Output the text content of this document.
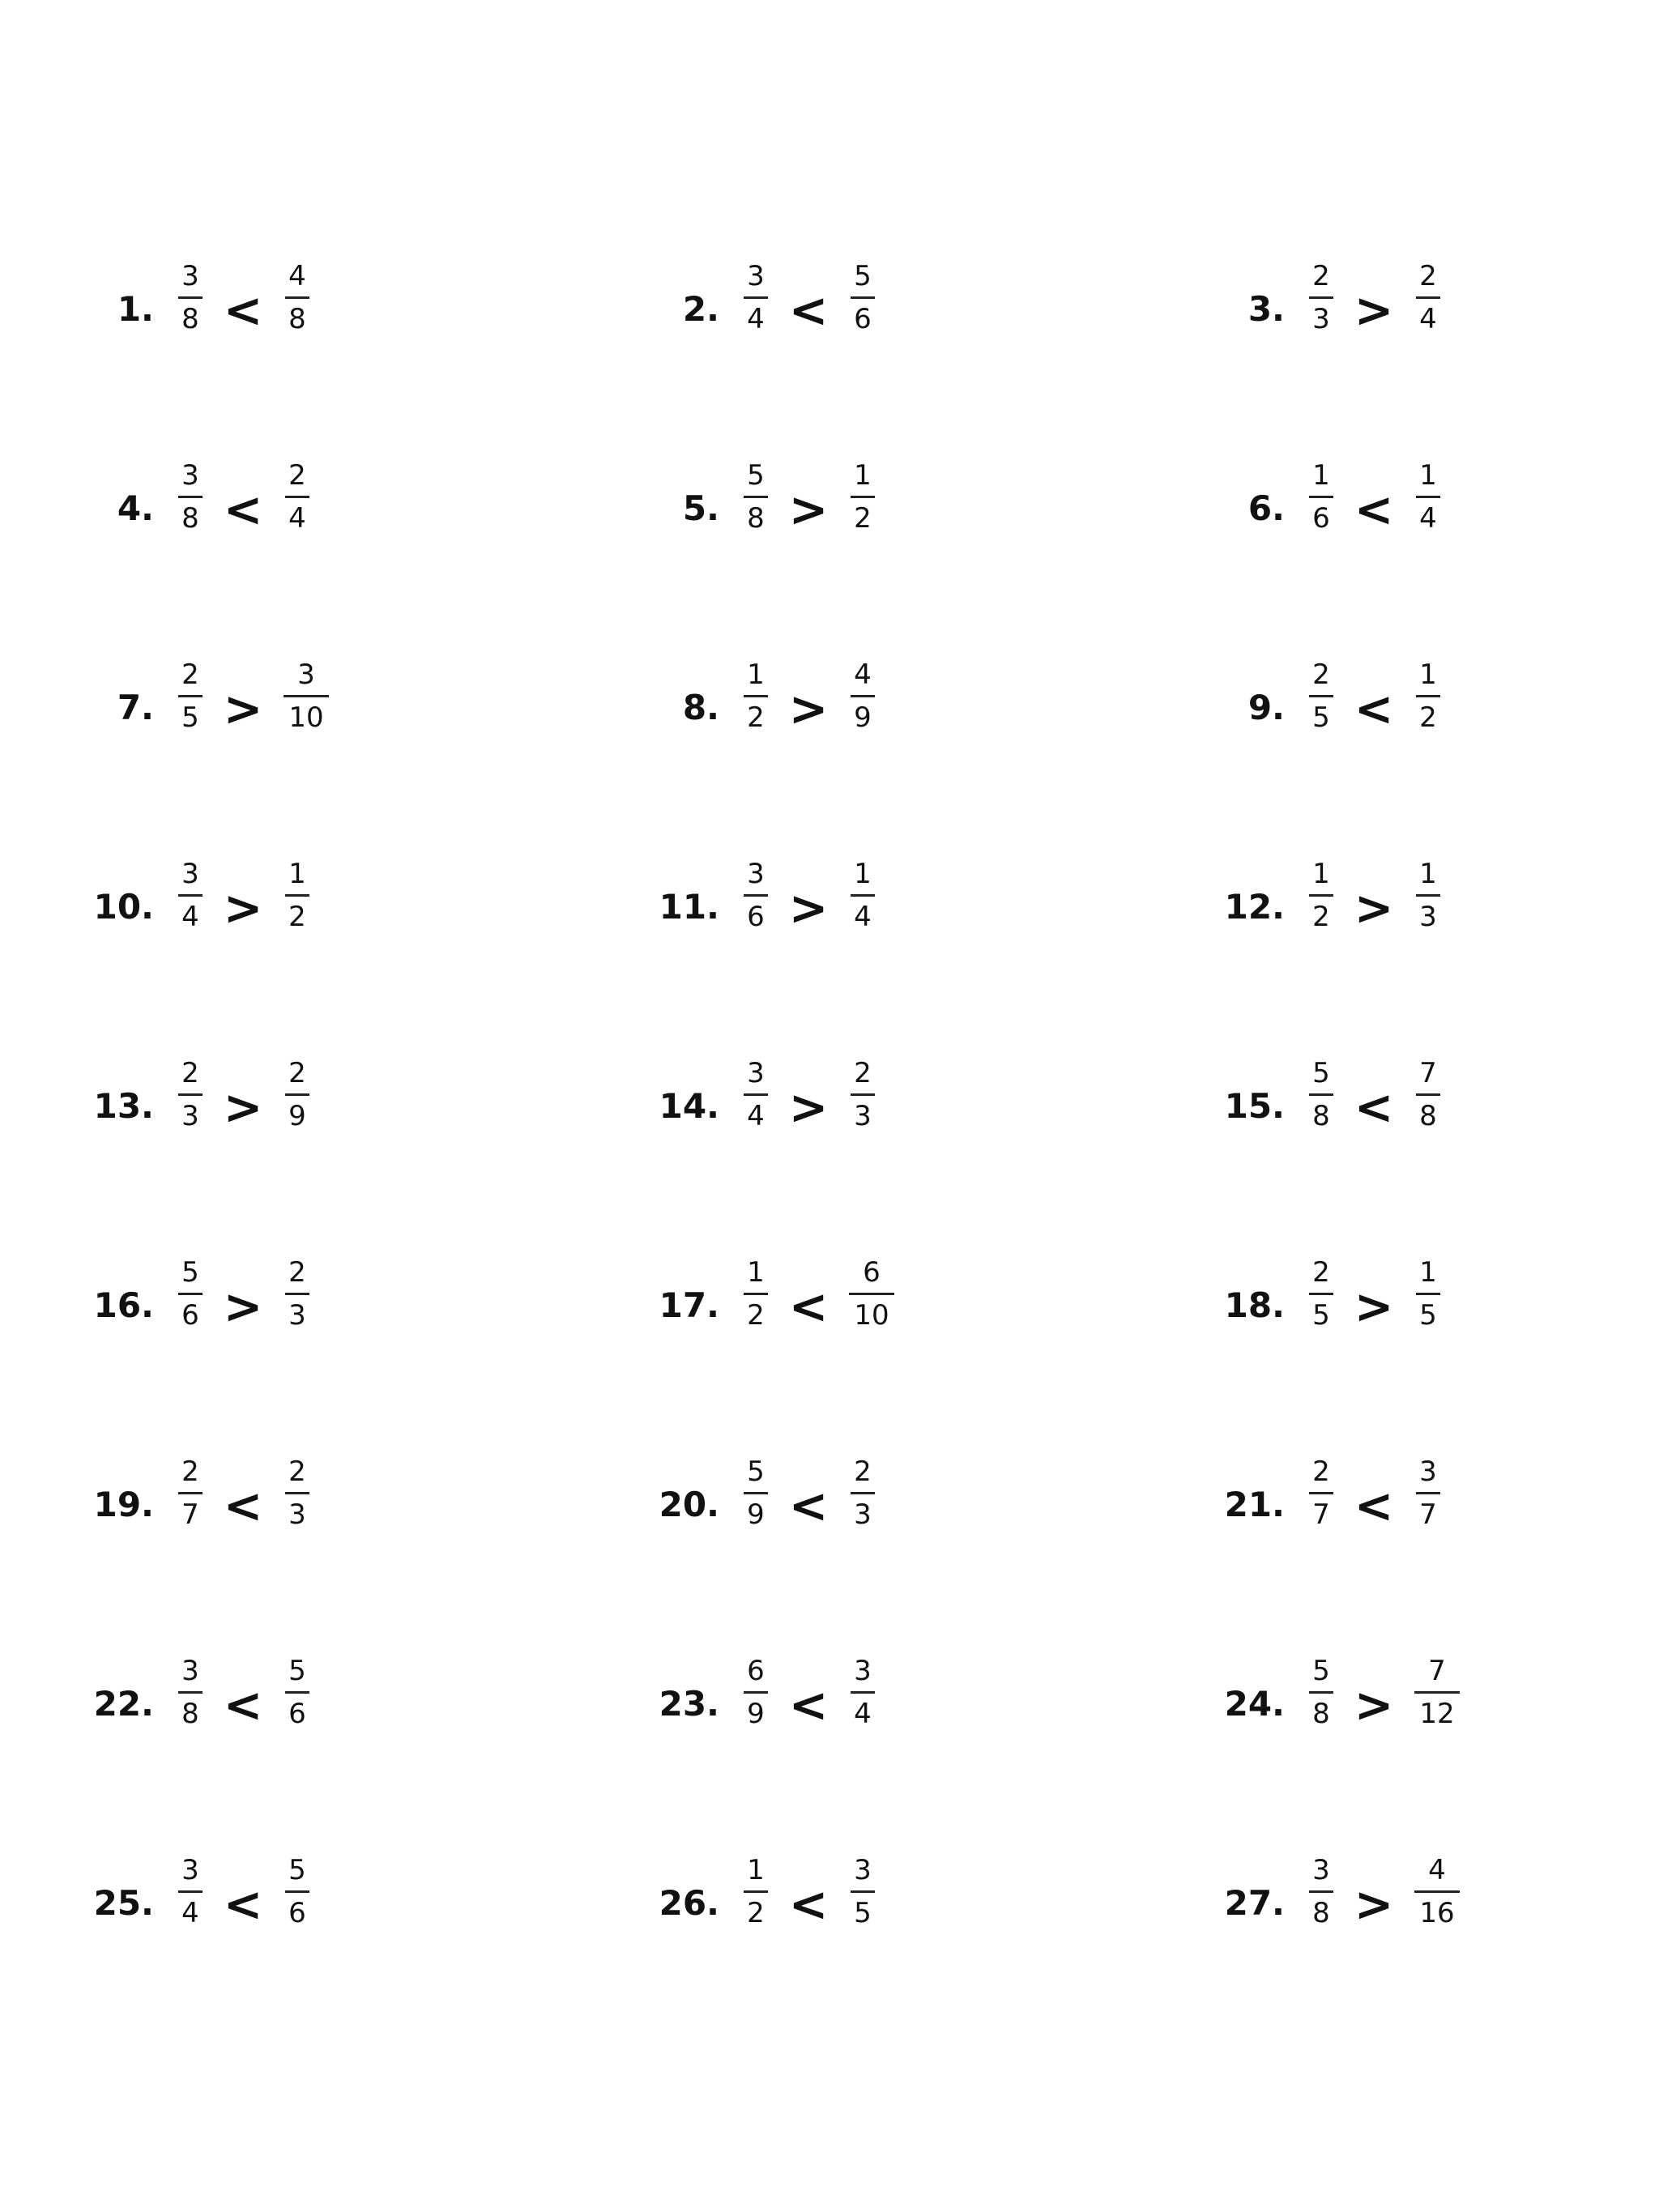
1.
3
8 <
4
8	2.
3
4 <
5
6	3.
2
3 >
2
4
4.
3
8 <
2
4	5.
5
8 >
1
2	6.
1
6 <
1
4
7.
2
5 >
3
10	8.
1
2 >
4
9	9.
2
5 <
1
2
10.
3
4 >
1
2	11.
3
6 >
1
4	12.
1
2 >
1
3
13.
2
3 >
2
9	14.
3
4 >
2
3	15.
5
8 <
7
8
16.
5
6 >
2
3	17.
1
2 <
6
10	18.
2
5 >
1
5
19.
2
7 <
2
3	20.
5
9 <
2
3	21.
2
7 <
3
7
22.
3
8 <
5
6	23.
6
9 <
3
4	24.
5
8 >
7
12
25.
3
4 <
5
6	26.
1
2 <
3
5	27.
3
8 >
4
16
